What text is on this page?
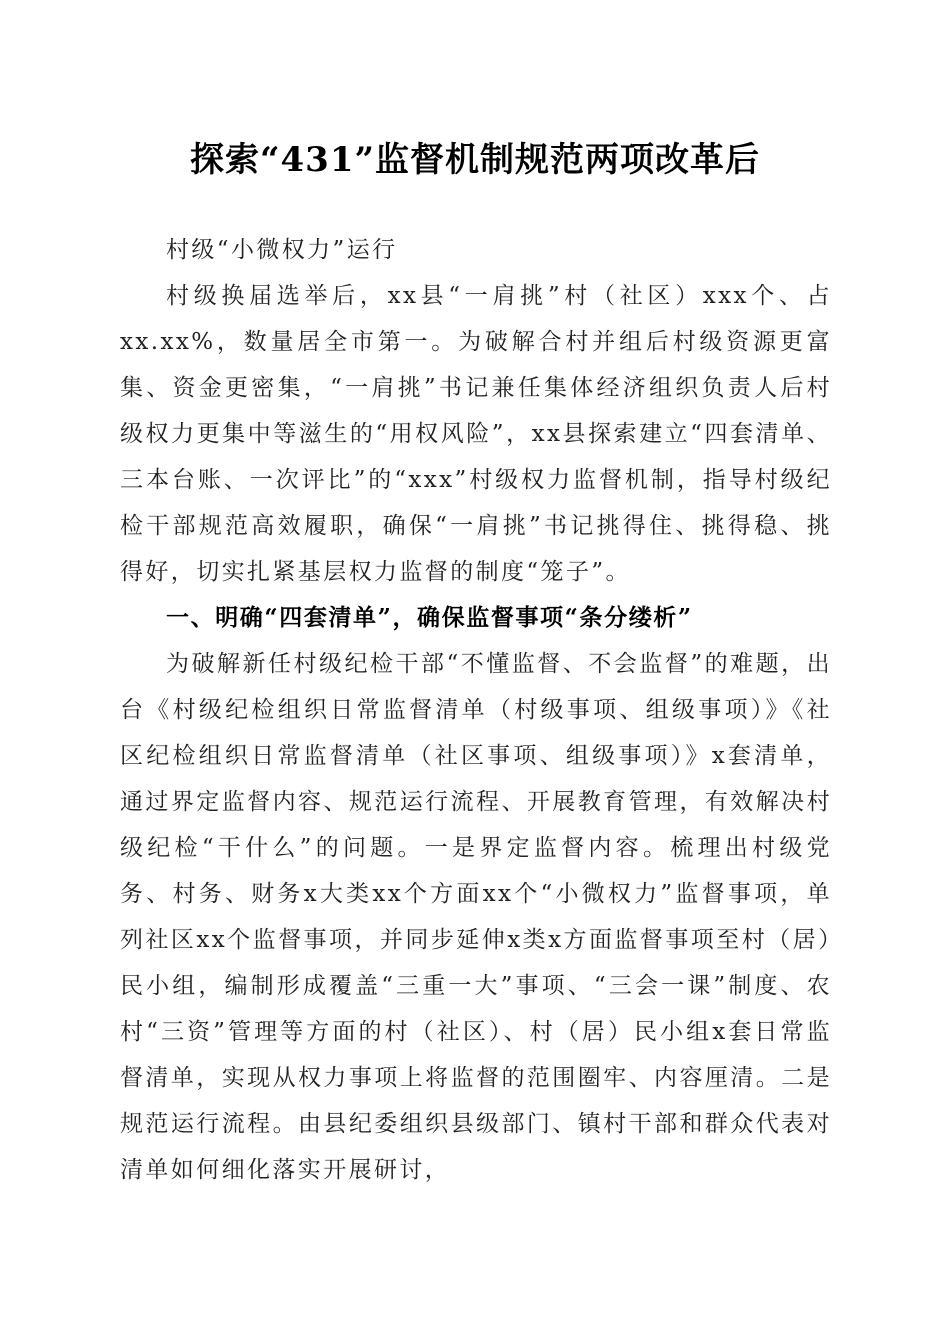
探索“431”监督机制规范两项改革后

村级“小微权力”运行

村级换届选举后，xx县“一肩挑”村（社区）xxx个、占xx.xx%，数量居全市第一。为破解合村并组后村级资源更富集、资金更密集，“一肩挑”书记兼任集体经济组织负责人后村级权力更集中等滋生的“用权风险”，xx县探索建立“四套清单、三本台账、一次评比”的“xxx”村级权力监督机制，指导村级纪检干部规范高效履职，确保“一肩挑”书记挑得住、挑得稳、挑得好，切实扎紧基层权力监督的制度“笼子”。

一、明确“四套清单”，确保监督事项“条分缕析”

为破解新任村级纪检干部“不懂监督、不会监督”的难题，出台《村级纪检组织日常监督清单（村级事项、组级事项）》《社区纪检组织日常监督清单（社区事项、组级事项）》x套清单，通过界定监督内容、规范运行流程、开展教育管理，有效解决村级纪检“干什么”的问题。一是界定监督内容。梳理出村级党务、村务、财务x大类xx个方面xx个“小微权力”监督事项，单列社区xx个监督事项，并同步延伸x类x方面监督事项至村（居）民小组，编制形成覆盖“三重一大”事项、“三会一课”制度、农村“三资”管理等方面的村（社区）、村（居）民小组x套日常监督清单，实现从权力事项上将监督的范围圈牢、内容厘清。二是规范运行流程。由县纪委组织县级部门、镇村干部和群众代表对清单如何细化落实开展研讨，
